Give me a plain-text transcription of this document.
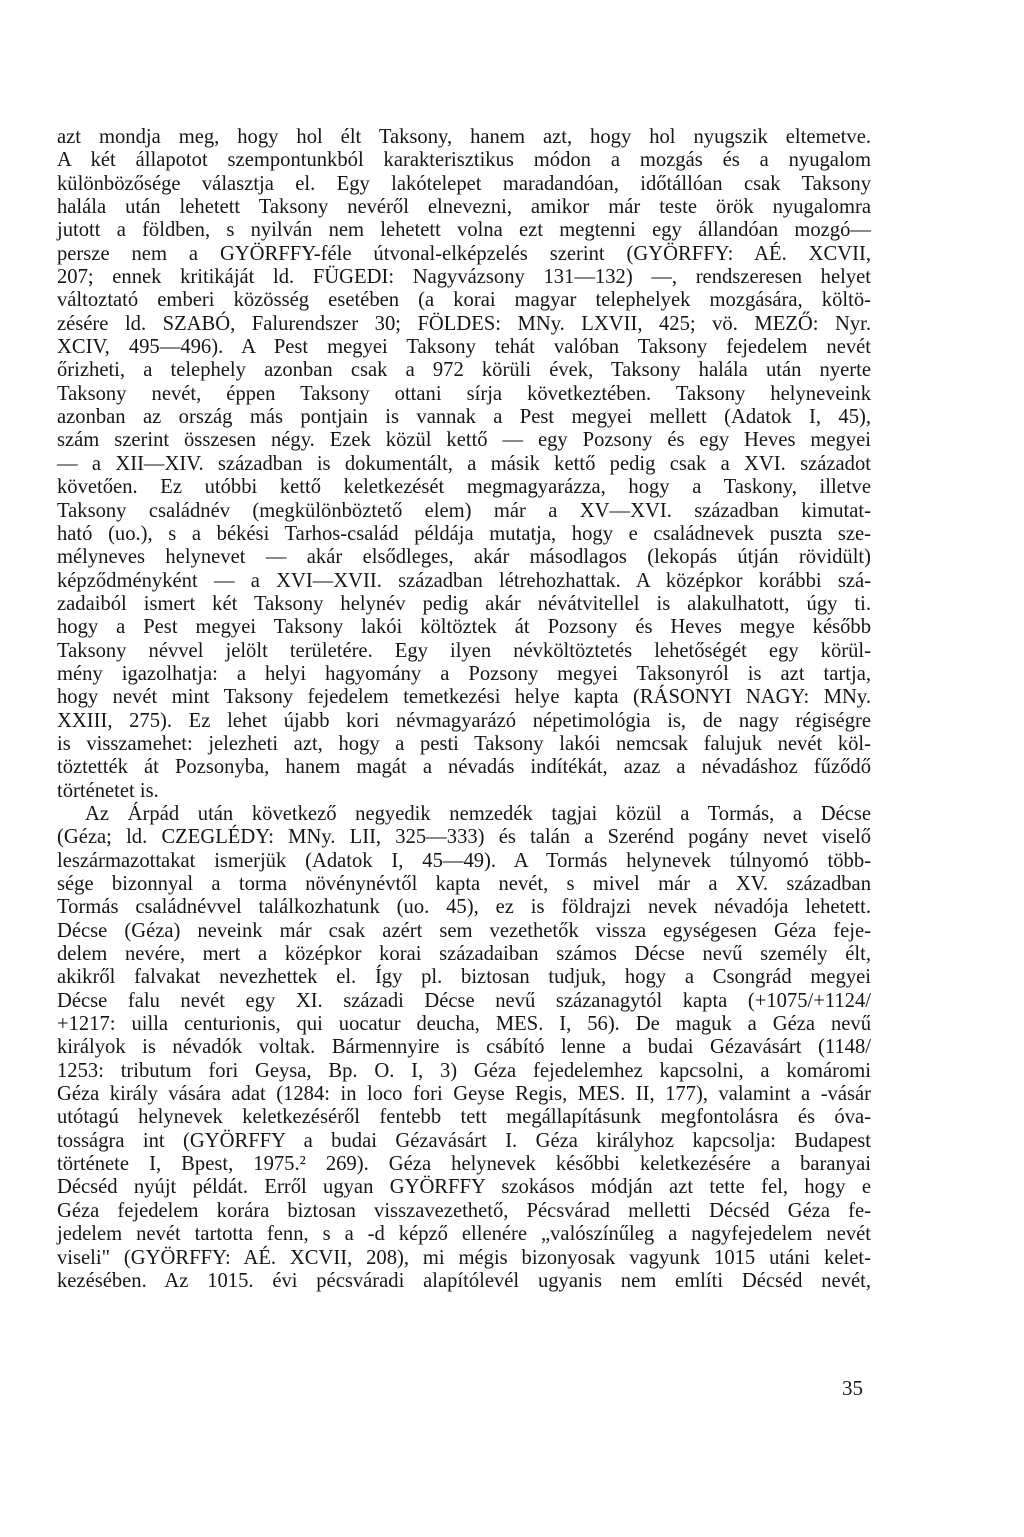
azt mondja meg, hogy hol élt Taksony, hanem azt, hogy hol nyugszik eltemetve.
A két állapotot szempontunkból karakterisztikus módon a mozgás és a nyugalom
különbözősége választja el. Egy lakótelepet maradandóan, időtállóan csak Taksony
halála után lehetett Taksony nevéről elnevezni, amikor már teste örök nyugalomra
jutott a földben, s nyilván nem lehetett volna ezt megtenni egy állandóan mozgó—
persze nem a GYÖRFFY-féle útvonal-elképzelés szerint (GYÖRFFY: AÉ. XCVII,
207; ennek kritikáját ld. FÜGEDI: Nagyvázsony 131—132) —, rendszeresen helyet
változtató emberi közösség esetében (a korai magyar telephelyek mozgására, költö-
zésére ld. SZABÓ, Falurendszer 30; FÖLDES: MNy. LXVII, 425; vö. MEZŐ: Nyr.
XCIV, 495—496). A Pest megyei Taksony tehát valóban Taksony fejedelem nevét
őrizheti, a telephely azonban csak a 972 körüli évek, Taksony halála után nyerte
Taksony nevét, éppen Taksony ottani sírja következtében. Taksony helyneveink
azonban az ország más pontjain is vannak a Pest megyei mellett (Adatok I, 45),
szám szerint összesen négy. Ezek közül kettő — egy Pozsony és egy Heves megyei
— a XII—XIV. században is dokumentált, a másik kettő pedig csak a XVI. századot
követően. Ez utóbbi kettő keletkezését megmagyarázza, hogy a Taskony, illetve
Taksony családnév (megkülönböztető elem) már a XV—XVI. században kimutat-
ható (uo.), s a békési Tarhos-család példája mutatja, hogy e családnevek puszta sze-
mélyneves helynevet — akár elsődleges, akár másodlagos (lekopás útján rövidült)
képződményként — a XVI—XVII. században létrehozhattak. A középkor korábbi szá-
zadaiból ismert két Taksony helynév pedig akár névátvitellel is alakulhatott, úgy ti.
hogy a Pest megyei Taksony lakói költöztek át Pozsony és Heves megye később
Taksony névvel jelölt területére. Egy ilyen névköltöztetés lehetőségét egy körül-
mény igazolhatja: a helyi hagyomány a Pozsony megyei Taksonyról is azt tartja,
hogy nevét mint Taksony fejedelem temetkezési helye kapta (RÁSONYI NAGY: MNy.
XXIII, 275). Ez lehet újabb kori névmagyarázó népetimológia is, de nagy régiségre
is visszamehet: jelezheti azt, hogy a pesti Taksony lakói nemcsak falujuk nevét köl-
töztették át Pozsonyba, hanem magát a névadás indítékát, azaz a névadáshoz fűződő
történetet is.
Az Árpád után következő negyedik nemzedék tagjai közül a Tormás, a Décse
(Géza; ld. CZEGLÉDY: MNy. LII, 325—333) és talán a Szerénd pogány nevet viselő
leszármazottakat ismerjük (Adatok I, 45—49). A Tormás helynevek túlnyomó több-
sége bizonnyal a torma növénynévtől kapta nevét, s mivel már a XV. században
Tormás családnévvel találkozhatunk (uo. 45), ez is földrajzi nevek névadója lehetett.
Décse (Géza) neveink már csak azért sem vezethetők vissza egységesen Géza feje-
delem nevére, mert a középkor korai századaiban számos Décse nevű személy élt,
akikről falvakat nevezhettek el. Így pl. biztosan tudjuk, hogy a Csongrád megyei
Décse falu nevét egy XI. századi Décse nevű százanagytól kapta (+1075/+1124/
+1217: uilla centurionis, qui uocatur deucha, MES. I, 56). De maguk a Géza nevű
királyok is névadók voltak. Bármennyire is csábító lenne a budai Gézavásárt (1148/
1253: tributum fori Geysa, Bp. O. I, 3) Géza fejedelemhez kapcsolni, a komáromi
Géza király vására adat (1284: in loco fori Geyse Regis, MES. II, 177), valamint a -vásár
utótagú helynevek keletkezéséről fentebb tett megállapításunk megfontolásra és óva-
tosságra int (GYÖRFFY a budai Gézavásárt I. Géza királyhoz kapcsolja: Budapest
története I, Bpest, 1975.² 269). Géza helynevek későbbi keletkezésére a baranyai
Décséd nyújt példát. Erről ugyan GYÖRFFY szokásos módján azt tette fel, hogy e
Géza fejedelem korára biztosan visszavezethető, Pécsvárad melletti Décséd Géza fe-
jedelem nevét tartotta fenn, s a -d képző ellenére „valószínűleg a nagyfejedelem nevét
viseli" (GYÖRFFY: AÉ. XCVII, 208), mi mégis bizonyosak vagyunk 1015 utáni kelet-
kezésében. Az 1015. évi pécsváradi alapítólevél ugyanis nem említi Décséd nevét,
35
